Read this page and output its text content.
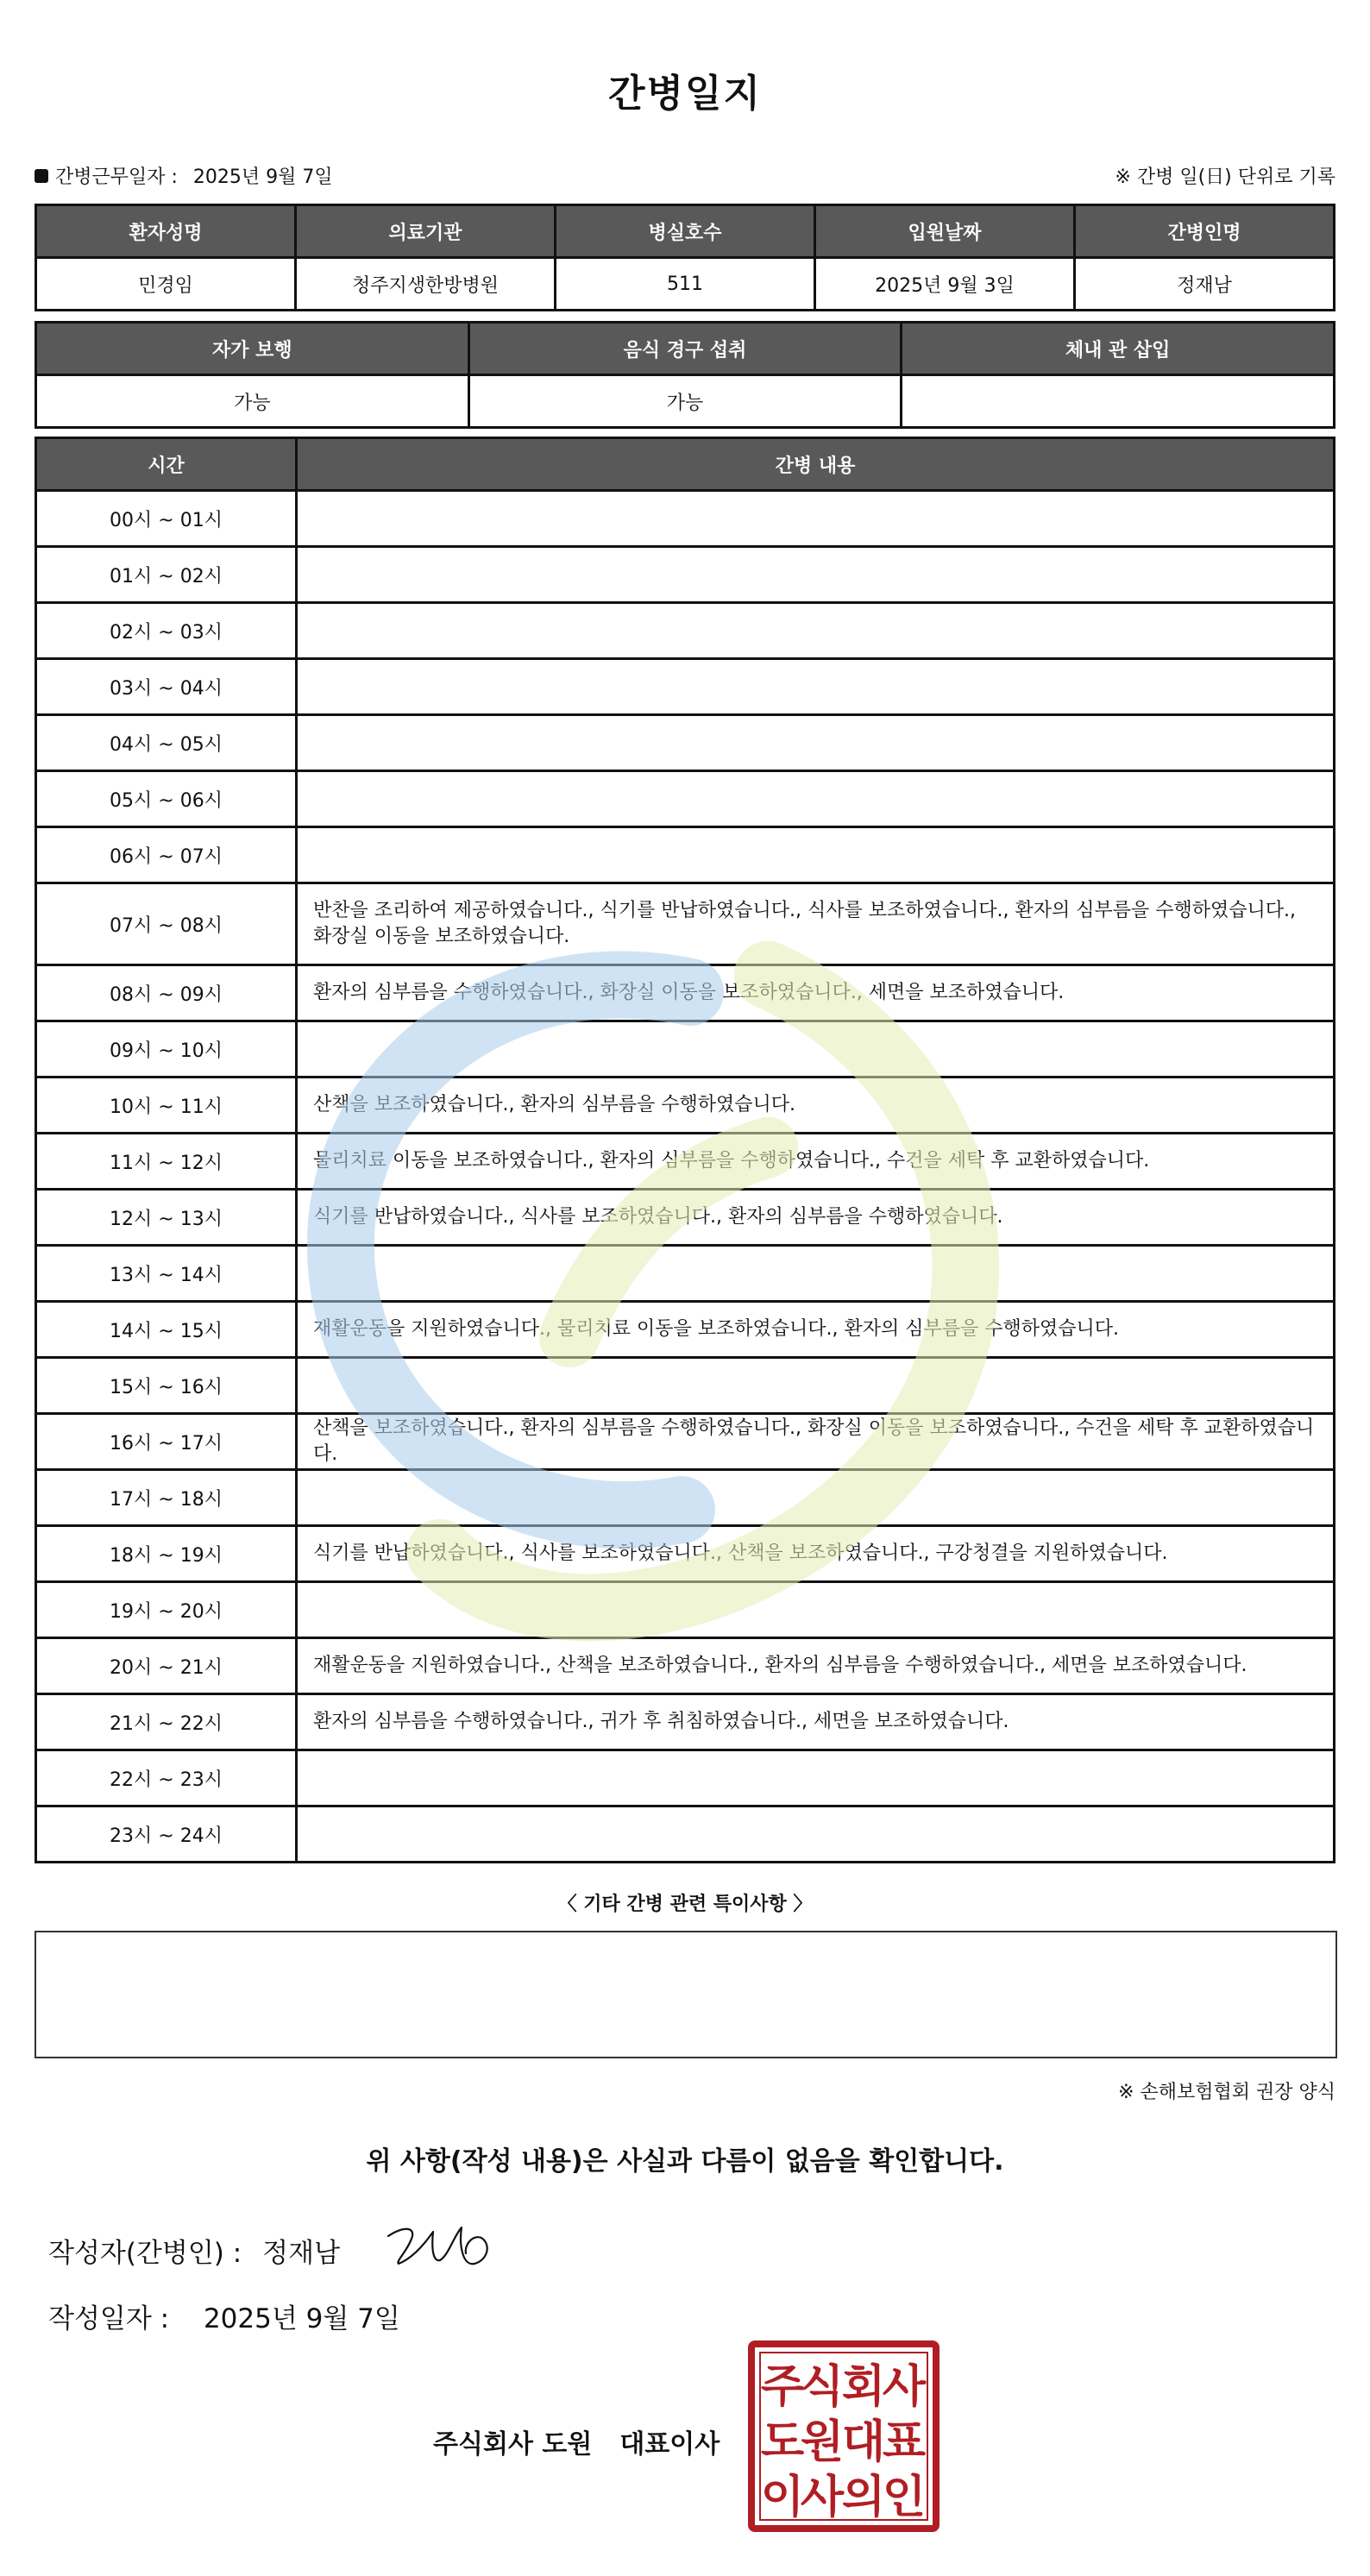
간병일지
간병근무일자 : 2025년 9월 7일	※ 간병 일(日) 단위로 기록
환자성명	의료기관	병실호수	입원날짜	간병인명
민경임	청주지생한방병원	511	2025년 9월 3일	정재남
자가 보행	음식 경구 섭취	체내 관 삽입
가능	가능	
시간	간병 내용
00시 ~ 01시	
01시 ~ 02시	
02시 ~ 03시	
03시 ~ 04시	
04시 ~ 05시	
05시 ~ 06시	
06시 ~ 07시	
07시 ~ 08시	반찬을 조리하여 제공하였습니다., 식기를 반납하였습니다., 식사를 보조하였습니다., 환자의 심부름을 수행하였습니다., 화장실 이동을 보조하였습니다.
08시 ~ 09시	환자의 심부름을 수행하였습니다., 화장실 이동을 보조하였습니다., 세면을 보조하였습니다.
09시 ~ 10시	
10시 ~ 11시	산책을 보조하였습니다., 환자의 심부름을 수행하였습니다.
11시 ~ 12시	물리치료 이동을 보조하였습니다., 환자의 심부름을 수행하였습니다., 수건을 세탁 후 교환하였습니다.
12시 ~ 13시	식기를 반납하였습니다., 식사를 보조하였습니다., 환자의 심부름을 수행하였습니다.
13시 ~ 14시	
14시 ~ 15시	재활운동을 지원하였습니다., 물리치료 이동을 보조하였습니다., 환자의 심부름을 수행하였습니다.
15시 ~ 16시	
16시 ~ 17시	산책을 보조하였습니다., 환자의 심부름을 수행하였습니다., 화장실 이동을 보조하였습니다., 수건을 세탁 후 교환하였습니다.
17시 ~ 18시	
18시 ~ 19시	식기를 반납하였습니다., 식사를 보조하였습니다., 산책을 보조하였습니다., 구강청결을 지원하였습니다.
19시 ~ 20시	
20시 ~ 21시	재활운동을 지원하였습니다., 산책을 보조하였습니다., 환자의 심부름을 수행하였습니다., 세면을 보조하였습니다.
21시 ~ 22시	환자의 심부름을 수행하였습니다., 귀가 후 취침하였습니다., 세면을 보조하였습니다.
22시 ~ 23시	
23시 ~ 24시	
〈 기타 간병 관련 특이사항 〉
※ 손해보험협회 권장 양식
위 사항(작성 내용)은 사실과 다름이 없음을 확인합니다.
작성자(간병인) : 정재남
작성일자 : 2025년 9월 7일
주식회사 도원 대표이사
주
식
회
사
도
원
대
표
이
사
의
인
